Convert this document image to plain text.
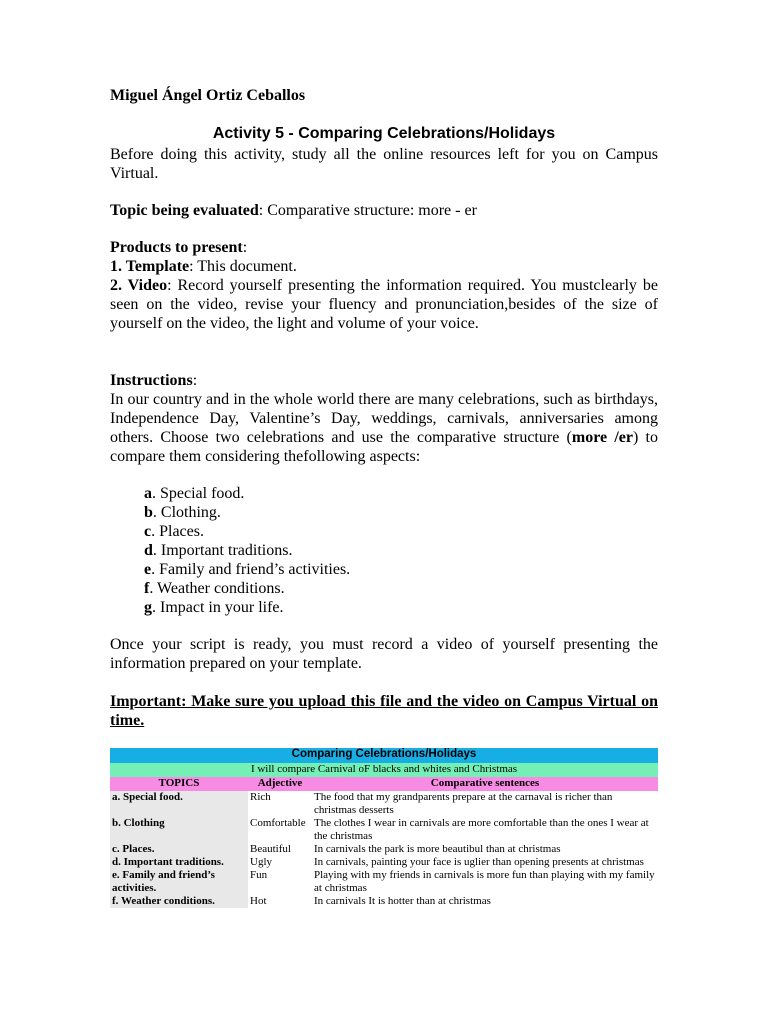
Miguel Ángel Ortiz Ceballos
Activity 5 - Comparing Celebrations/Holidays
Before doing this activity, study all the online resources left for you on Campus Virtual.
Topic being evaluated: Comparative structure: more - er
Products to present:
1. Template: This document.
2. Video: Record yourself presenting the information required. You mustclearly be seen on the video, revise your fluency and pronunciation,besides of the size of yourself on the video, the light and volume of your voice.
Instructions:
In our country and in the whole world there are many celebrations, such as birthdays, Independence Day, Valentine’s Day, weddings, carnivals, anniversaries among others. Choose two celebrations and use the comparative structure (more /er) to compare them considering thefollowing aspects:
a. Special food.
b. Clothing.
c. Places.
d. Important traditions.
e. Family and friend’s activities.
f. Weather conditions.
g. Impact in your life.
Once your script is ready, you must record a video of yourself presenting the information prepared on your template.
Important: Make sure you upload this file and the video on Campus Virtual on time.
Comparing Celebrations/Holidays		
I will compare Carnival oF blacks and whites and Christmas		
TOPICS	Adjective	Comparative sentences
a. Special food.	Rich	The food that my grandparents prepare at the carnaval is richer than christmas desserts
b. Clothing	Comfortable	The clothes I wear in carnivals are more comfortable than the ones I wear at the christmas
c. Places.	Beautiful	In carnivals the park is more beautibul than at christmas
d. Important traditions.	Ugly	In carnivals, painting your face is uglier than opening presents at christmas
e. Family and friend’s activities.	Fun	Playing with my friends in carnivals is more fun than playing with my family at christmas
f. Weather conditions.	Hot	In carnivals It is hotter than at christmas
